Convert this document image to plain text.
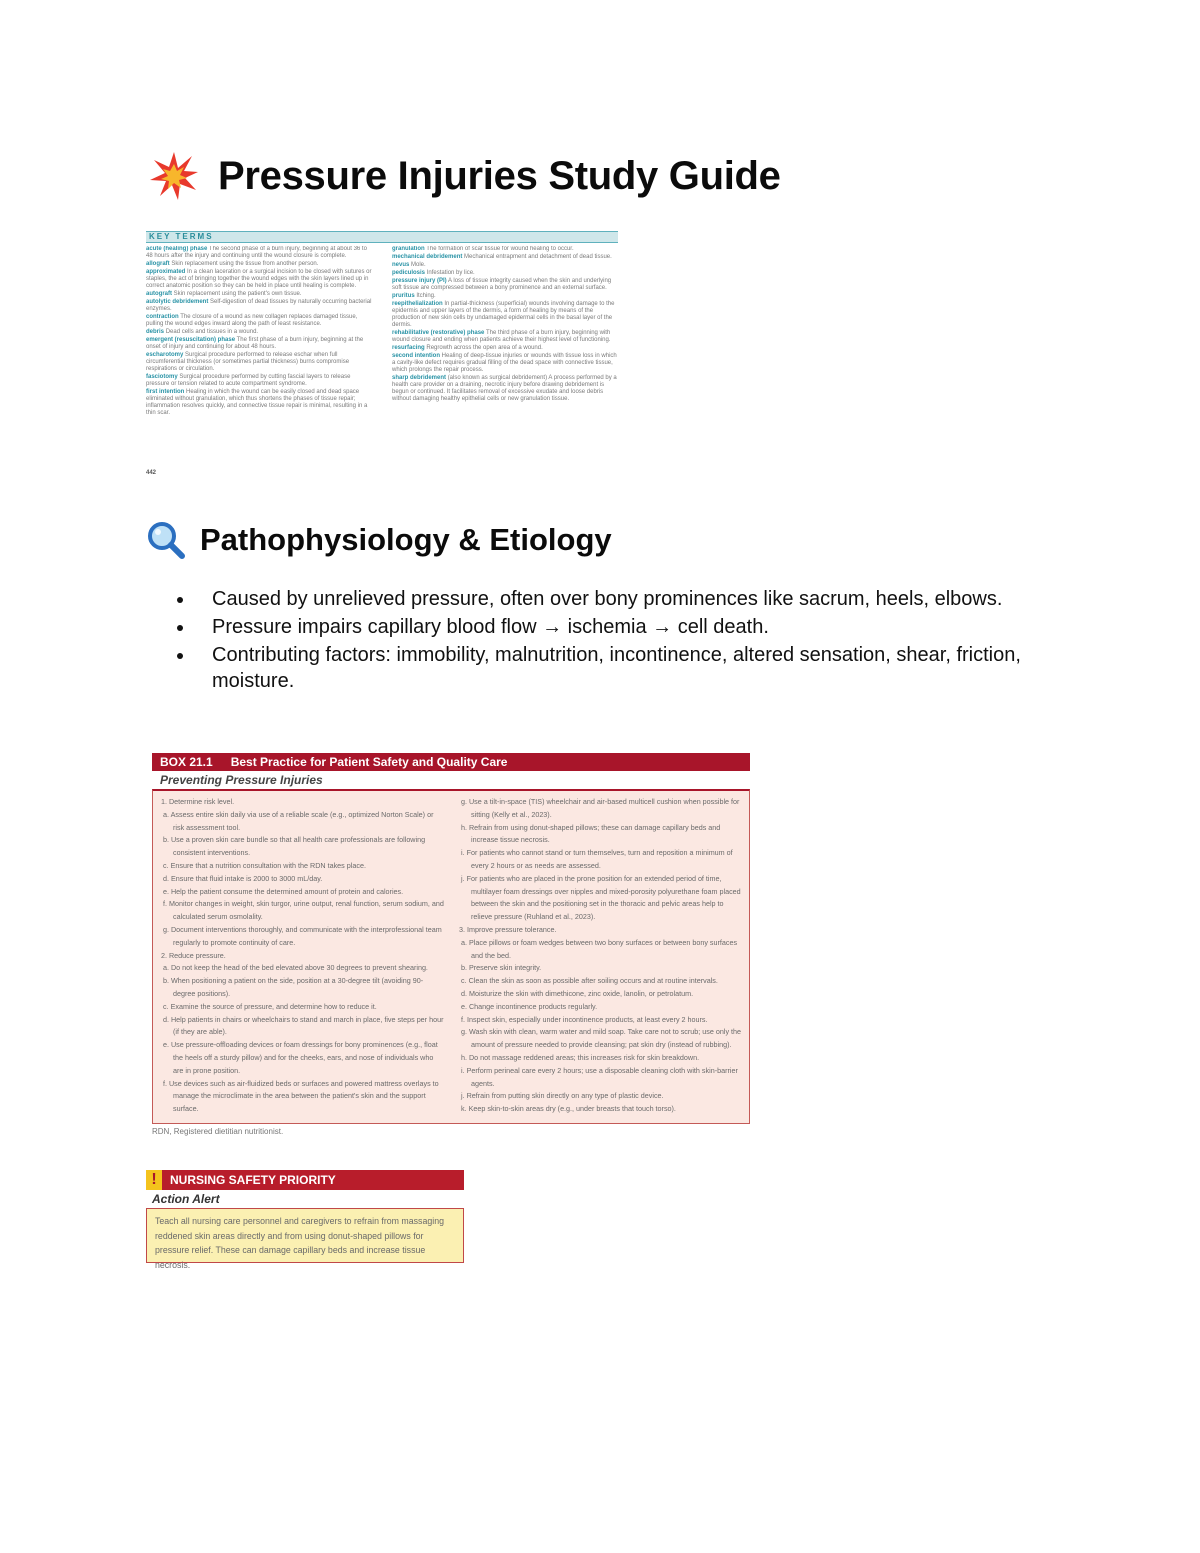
Pressure Injuries Study Guide
KEY TERMS
acute (healing) phase The second phase of a burn injury, beginning at about 36 to 48 hours after the injury and continuing until the wound closure is complete.
allograft Skin replacement using the tissue from another person.
approximated In a clean laceration or a surgical incision to be closed with sutures or staples, the act of bringing together the wound edges with the skin layers lined up in correct anatomic position so they can be held in place until healing is complete.
autograft Skin replacement using the patient's own tissue.
autolytic debridement Self-digestion of dead tissues by naturally occurring bacterial enzymes.
contraction The closure of a wound as new collagen replaces damaged tissue, pulling the wound edges inward along the path of least resistance.
debris Dead cells and tissues in a wound.
emergent (resuscitation) phase The first phase of a burn injury, beginning at the onset of injury and continuing for about 48 hours.
escharotomy Surgical procedure performed to release eschar when full circumferential thickness (or sometimes partial thickness) burns compromise respirations or circulation.
fasciotomy Surgical procedure performed by cutting fascial layers to release pressure or tension related to acute compartment syndrome.
first intention Healing in which the wound can be easily closed and dead space eliminated without granulation, which thus shortens the phases of tissue repair; inflammation resolves quickly, and connective tissue repair is minimal, resulting in a thin scar.
granulation The formation of scar tissue for wound healing to occur.
mechanical debridement Mechanical entrapment and detachment of dead tissue.
nevus Mole.
pediculosis Infestation by lice.
pressure injury (PI) A loss of tissue integrity caused when the skin and underlying soft tissue are compressed between a bony prominence and an external surface.
pruritus Itching.
reepithelialization In partial-thickness (superficial) wounds involving damage to the epidermis and upper layers of the dermis, a form of healing by means of the production of new skin cells by undamaged epidermal cells in the basal layer of the dermis.
rehabilitative (restorative) phase The third phase of a burn injury, beginning with wound closure and ending when patients achieve their highest level of functioning.
resurfacing Regrowth across the open area of a wound.
second intention Healing of deep-tissue injuries or wounds with tissue loss in which a cavity-like defect requires gradual filling of the dead space with connective tissue, which prolongs the repair process.
sharp debridement (also known as surgical debridement) A process performed by a health care provider on a draining, necrotic injury before drawing debridement is begun or continued. It facilitates removal of excessive exudate and loose debris without damaging healthy epithelial cells or new granulation tissue.
442
Pathophysiology & Etiology
Caused by unrelieved pressure, often over bony prominences like sacrum, heels, elbows.
Pressure impairs capillary blood flow → ischemia → cell death.
Contributing factors: immobility, malnutrition, incontinence, altered sensation, shear, friction, moisture.
BOX 21.1 Best Practice for Patient Safety and Quality Care
Preventing Pressure Injuries

1. Determine risk level.

a. Assess entire skin daily via use of a reliable scale (e.g., optimized Norton Scale) or risk assessment tool.

b. Use a proven skin care bundle so that all health care professionals are following consistent interventions.

c. Ensure that a nutrition consultation with the RDN takes place.

d. Ensure that fluid intake is 2000 to 3000 mL/day.

e. Help the patient consume the determined amount of protein and calories.

f. Monitor changes in weight, skin turgor, urine output, renal function, serum sodium, and calculated serum osmolality.

g. Document interventions thoroughly, and communicate with the interprofessional team regularly to promote continuity of care.

2. Reduce pressure.

a. Do not keep the head of the bed elevated above 30 degrees to prevent shearing.

b. When positioning a patient on the side, position at a 30-degree tilt (avoiding 90-degree positions).

c. Examine the source of pressure, and determine how to reduce it.

d. Help patients in chairs or wheelchairs to stand and march in place, five steps per hour (if they are able).

e. Use pressure-offloading devices or foam dressings for bony prominences (e.g., float the heels off a sturdy pillow) and for the cheeks, ears, and nose of individuals who are in prone position.

f. Use devices such as air-fluidized beds or surfaces and powered mattress overlays to manage the microclimate in the area between the patient's skin and the support surface.

g. Use a tilt-in-space (TIS) wheelchair and air-based multicell cushion when possible for sitting (Kelly et al., 2023).

h. Refrain from using donut-shaped pillows; these can damage capillary beds and increase tissue necrosis.

i. For patients who cannot stand or turn themselves, turn and reposition a minimum of every 2 hours or as needs are assessed.

j. For patients who are placed in the prone position for an extended period of time, multilayer foam dressings over nipples and mixed-porosity polyurethane foam placed between the skin and the positioning set in the thoracic and pelvic areas help to relieve pressure (Ruhland et al., 2023).

3. Improve pressure tolerance.

a. Place pillows or foam wedges between two bony surfaces or between bony surfaces and the bed.

b. Preserve skin integrity.

c. Clean the skin as soon as possible after soiling occurs and at routine intervals.

d. Moisturize the skin with dimethicone, zinc oxide, lanolin, or petrolatum.

e. Change incontinence products regularly.

f. Inspect skin, especially under incontinence products, at least every 2 hours.

g. Wash skin with clean, warm water and mild soap. Take care not to scrub; use only the amount of pressure needed to provide cleansing; pat skin dry (instead of rubbing).

h. Do not massage reddened areas; this increases risk for skin breakdown.

i. Perform perineal care every 2 hours; use a disposable cleaning cloth with skin-barrier agents.

j. Refrain from putting skin directly on any type of plastic device.

k. Keep skin-to-skin areas dry (e.g., under breasts that touch torso).

RDN, Registered dietitian nutritionist.
!	NURSING SAFETY PRIORITY
Action Alert
Teach all nursing care personnel and caregivers to refrain from massaging reddened skin areas directly and from using donut-shaped pillows for pressure relief. These can damage capillary beds and increase tissue necrosis.
